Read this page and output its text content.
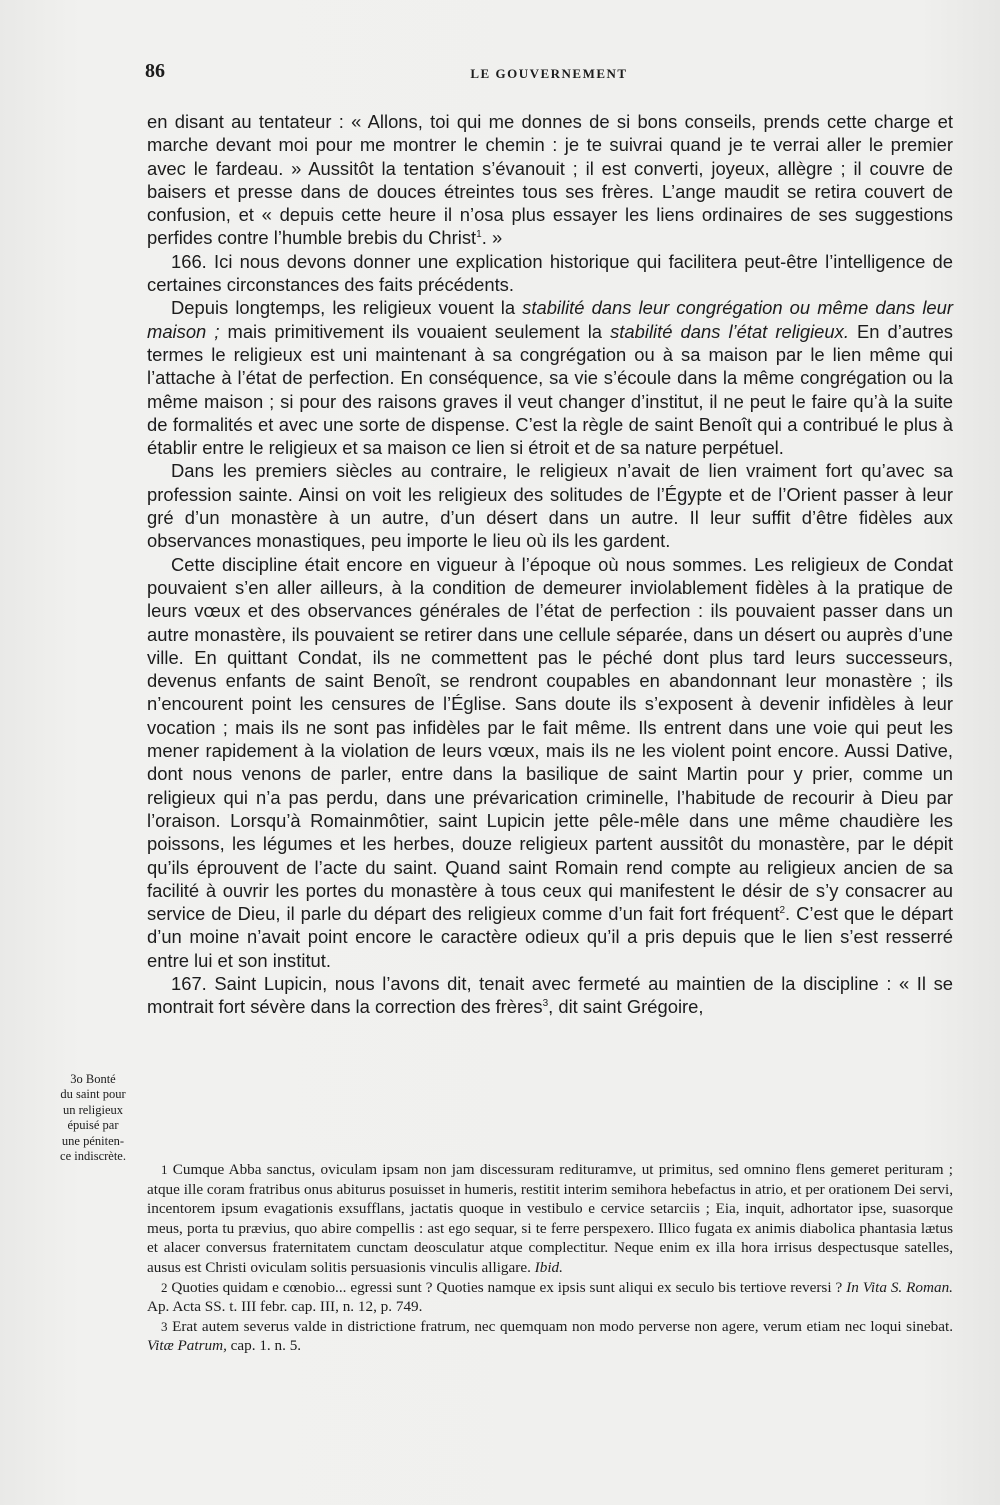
86	LE GOUVERNEMENT

en disant au tentateur : « Allons, toi qui me donnes de si bons conseils, prends cette charge et marche devant moi pour me montrer le chemin : je te suivrai quand je te verrai aller le premier avec le fardeau. » Aussitôt la tentation s’évanouit ; il est converti, joyeux, allègre ; il couvre de baisers et presse dans de douces étreintes tous ses frères. L’ange maudit se retira couvert de confusion, et « depuis cette heure il n’osa plus essayer les liens ordinaires de ses suggestions perfides contre l’humble brebis du Christ$^1$. »

166. Ici nous devons donner une explication historique qui facilitera peut-être l’intelligence de certaines circonstances des faits précédents.

Depuis longtemps, les religieux vouent la stabilité dans leur congrégation ou même dans leur maison ; mais primitivement ils vouaient seulement la stabilité dans l’état religieux. En d’autres termes le religieux est uni maintenant à sa congrégation ou à sa maison par le lien même qui l’attache à l’état de perfection. En conséquence, sa vie s’écoule dans la même congrégation ou la même maison ; si pour des raisons graves il veut changer d’institut, il ne peut le faire qu’à la suite de formalités et avec une sorte de dispense. C’est la règle de saint Benoît qui a contribué le plus à établir entre le religieux et sa maison ce lien si étroit et de sa nature perpétuel.

Dans les premiers siècles au contraire, le religieux n’avait de lien vraiment fort qu’avec sa profession sainte. Ainsi on voit les religieux des solitudes de l’Égypte et de l’Orient passer à leur gré d’un monastère à un autre, d’un désert dans un autre. Il leur suffit d’être fidèles aux observances monastiques, peu importe le lieu où ils les gardent.

Cette discipline était encore en vigueur à l’époque où nous sommes. Les religieux de Condat pouvaient s’en aller ailleurs, à la condition de demeurer inviolablement fidèles à la pratique de leurs vœux et des observances générales de l’état de perfection : ils pouvaient passer dans un autre monastère, ils pouvaient se retirer dans une cellule séparée, dans un désert ou auprès d’une ville. En quittant Condat, ils ne commettent pas le péché dont plus tard leurs successeurs, devenus enfants de saint Benoît, se rendront coupables en abandonnant leur monastère ; ils n’encourent point les censures de l’Église. Sans doute ils s’exposent à devenir infidèles à leur vocation ; mais ils ne sont pas infidèles par le fait même. Ils entrent dans une voie qui peut les mener rapidement à la violation de leurs vœux, mais ils ne les violent point encore. Aussi Dative, dont nous venons de parler, entre dans la basilique de saint Martin pour y prier, comme un religieux qui n’a pas perdu, dans une prévarication criminelle, l’habitude de recourir à Dieu par l’oraison. Lorsqu’à Romainmôtier, saint Lupicin jette pêle-mêle dans une même chaudière les poissons, les légumes et les herbes, douze religieux partent aussitôt du monastère, par le dépit qu’ils éprouvent de l’acte du saint. Quand saint Romain rend compte au religieux ancien de sa facilité à ouvrir les portes du monastère à tous ceux qui manifestent le désir de s’y consacrer au service de Dieu, il parle du départ des religieux comme d’un fait fort fréquent$^2$. C’est que le départ d’un moine n’avait point encore le caractère odieux qu’il a pris depuis que le lien s’est resserré entre lui et son institut.

167. Saint Lupicin, nous l’avons dit, tenait avec fermeté au maintien de la discipline : « Il se montrait fort sévère dans la correction des frères$^3$, dit saint Grégoire,

3o Bonté
du saint pour
un religieux
épuisé par
une péniten-
ce indiscrète.

1 Cumque Abba sanctus, oviculam ipsam non jam discessuram redituramve, ut primitus, sed omnino flens gemeret perituram ; atque ille coram fratribus onus abiturus posuisset in humeris, restitit interim semihora hebefactus in atrio, et per orationem Dei servi, incentorem ipsum evagationis exsufflans, jactatis quoque in vestibulo e cervice setarciis ; Eia, inquit, adhortator ipse, suasorque meus, porta tu prævius, quo abire compellis : ast ego sequar, si te ferre perspexero. Illico fugata ex animis diabolica phantasia lætus et alacer conversus fraternitatem cunctam deosculatur atque complectitur. Neque enim ex illa hora irrisus despectusque satelles, ausus est Christi oviculam solitis persuasionis vinculis alligare. Ibid.

2 Quoties quidam e cœnobio... egressi sunt ? Quoties namque ex ipsis sunt aliqui ex seculo bis tertiove reversi ? In Vita S. Roman. Ap. Acta SS. t. III febr. cap. III, n. 12, p. 749.

3 Erat autem severus valde in districtione fratrum, nec quemquam non modo perverse non agere, verum etiam nec loqui sinebat. Vitæ Patrum, cap. 1. n. 5.
